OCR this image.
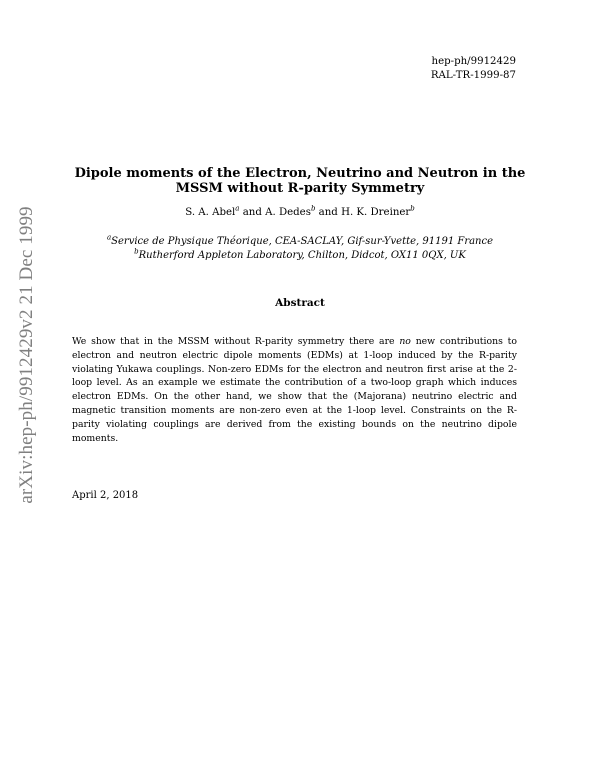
arXiv:hep-ph/9912429v2 21 Dec 1999
hep-ph/9912429
RAL-TR-1999-87
Dipole moments of the Electron, Neutrino and Neutron in the
MSSM without R-parity Symmetry
S. A. Abel$^a$ and A. Dedes$^b$ and H. K. Dreiner$^b$
$^a$Service de Physique Théorique, CEA-SACLAY, Gif-sur-Yvette, 91191 France
$^b$Rutherford Appleton Laboratory, Chilton, Didcot, OX11 0QX, UK
Abstract
We show that in the MSSM without R-parity symmetry there are no new contributions to electron and neutron electric dipole moments (EDMs) at 1-loop induced by the R-parity violating Yukawa couplings. Non-zero EDMs for the electron and neutron first arise at the 2-loop level. As an example we estimate the contribution of a two-loop graph which induces electron EDMs. On the other hand, we show that the (Majorana) neutrino electric and magnetic transition moments are non-zero even at the 1-loop level. Constraints on the R-parity violating couplings are derived from the existing bounds on the neutrino dipole moments.
April 2, 2018
